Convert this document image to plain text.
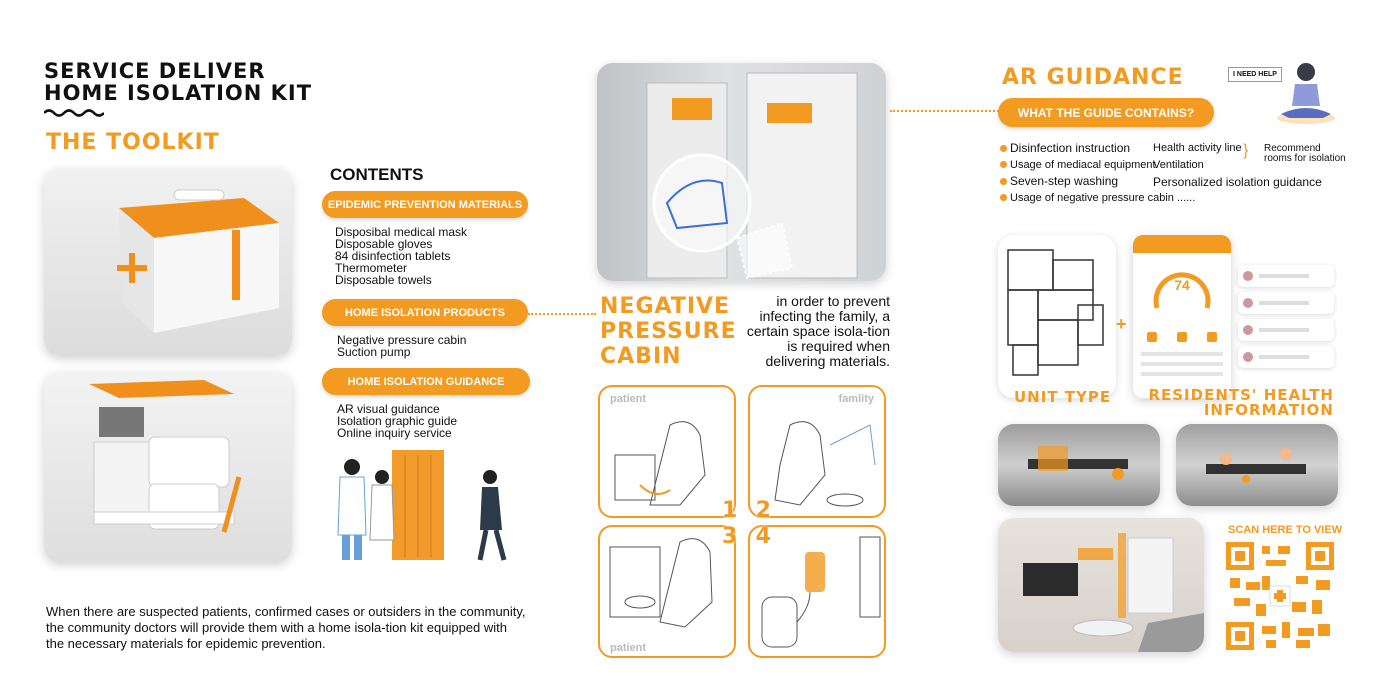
SERVICE DELIVER
HOME ISOLATION KIT
THE TOOLKIT
CONTENTS
EPIDEMIC PREVENTION MATERIALS
Disposibal medical mask
Disposable gloves
84 disinfection tablets
Thermometer
Disposable towels
HOME ISOLATION PRODUCTS
Negative pressure cabin
Suction pump
HOME ISOLATION GUIDANCE
AR visual guidance
Isolation graphic guide
Online inquiry service
When there are suspected patients, confirmed cases or outsiders in the community, the community doctors will provide them with a home isola-tion kit equipped with the necessary materials for epidemic prevention.
NEGATIVE
PRESSURE
CABIN
in order to prevent infecting the family, a certain space isola-tion is required when delivering materials.
patient	famlity
patient
1 2
3 4
AR GUIDANCE	I NEED HELP
WHAT THE GUIDE CONTAINS?
Disinfection instruction
Usage of mediacal equipment
Seven-step washing
Usage of negative pressure cabin ......
Health activity line
Ventilation
Personalized isolation guidance
} Recommend rooms for isolation
UNIT TYPE
+
74
RESIDENTS' HEALTH
INFORMATION
SCAN HERE TO VIEW
